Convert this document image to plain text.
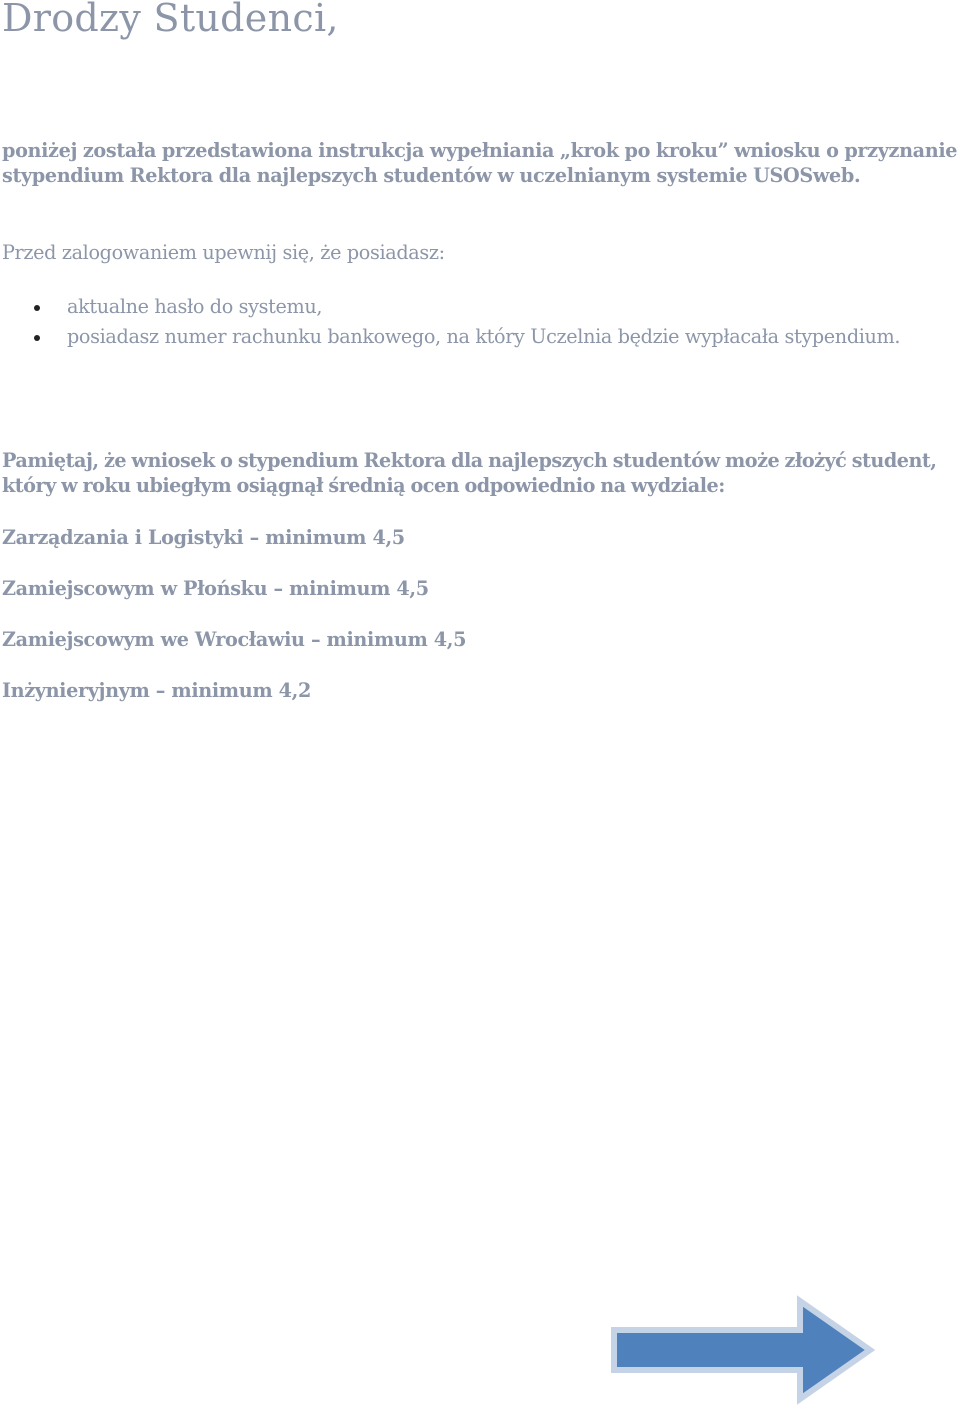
Drodzy Studenci,

poniżej została przedstawiona instrukcja wypełniania „krok po kroku” wniosku o przyznanie stypendium Rektora dla najlepszych studentów w uczelnianym systemie USOSweb.

Przed zalogowaniem upewnij się, że posiadasz:

aktualne hasło do systemu,
posiadasz numer rachunku bankowego, na który Uczelnia będzie wypłacała stypendium.

Pamiętaj, że wniosek o stypendium Rektora dla najlepszych studentów może złożyć student, który w roku ubiegłym osiągnął średnią ocen odpowiednio na wydziale:

Zarządzania i Logistyki – minimum 4,5

Zamiejscowym w Płońsku – minimum 4,5

Zamiejscowym we Wrocławiu – minimum 4,5

Inżynieryjnym – minimum 4,2
